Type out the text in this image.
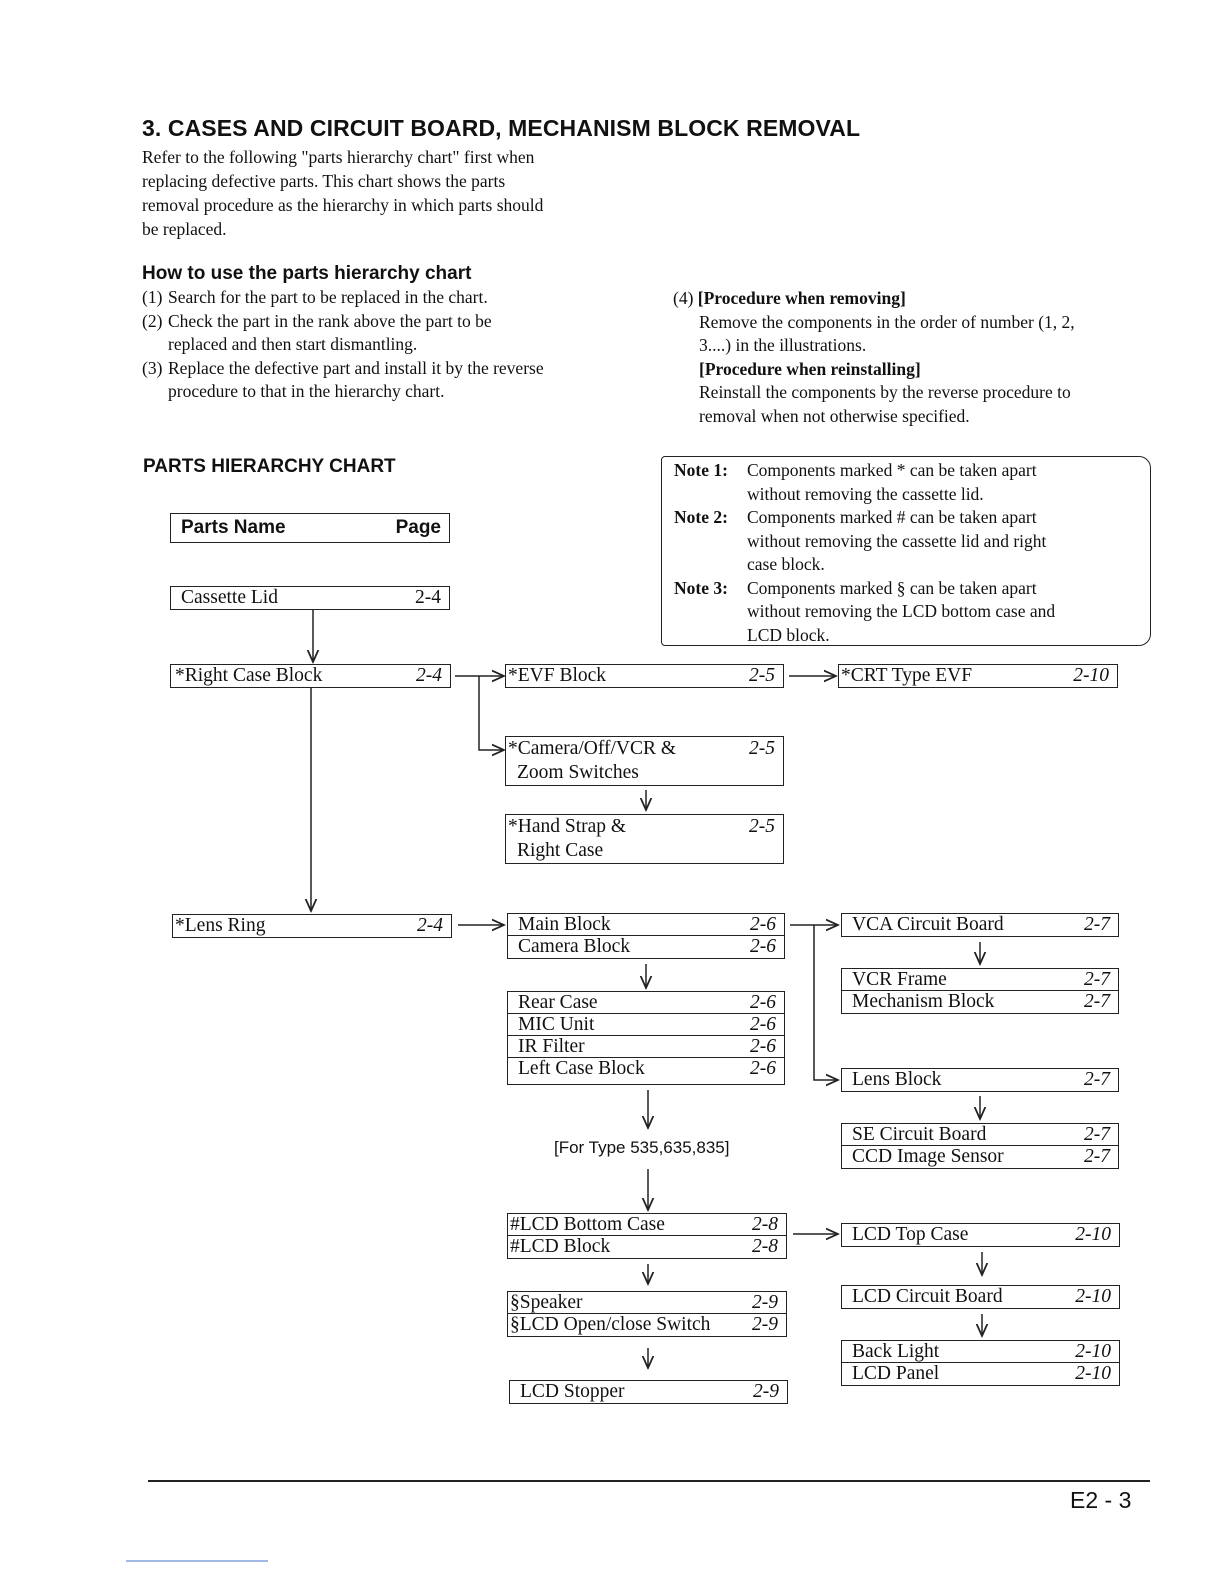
3. CASES AND CIRCUIT BOARD, MECHANISM BLOCK REMOVAL
Refer to the following "parts hierarchy chart" first when
replacing defective parts. This chart shows the parts
removal procedure as the hierarchy in which parts should
be replaced.
How to use the parts hierarchy chart
(1) Search for the part to be replaced in the chart.
(2) Check the part in the rank above the part to be
replaced and then start dismantling.
(3) Replace the defective part and install it by the reverse
procedure to that in the hierarchy chart.
(4) [Procedure when removing]
Remove the components in the order of number (1, 2,
3....) in the illustrations.
[Procedure when reinstalling]
Reinstall the components by the reverse procedure to
removal when not otherwise specified.
PARTS HIERARCHY CHART	Note 1:	Components marked * can be taken apart
without removing the cassette lid.
Note 2:	Components marked # can be taken apart
without removing the cassette lid and right
case block.
Note 3:	Components marked § can be taken apart
without removing the LCD bottom case and
LCD block.
Parts Name	Page
Cassette Lid	2-4
*Right Case Block	2-4	*EVF Block	2-5	*CRT Type EVF	2-10
*Camera/Off/VCR &	2-5
Zoom Switches
*Hand Strap &	2-5
Right Case
*Lens Ring	2-4	Main Block	2-6
Camera Block	2-6
Rear Case	2-6
MIC Unit	2-6
IR Filter	2-6
Left Case Block	2-6
[For Type 535,635,835]
#LCD Bottom Case	2-8
#LCD Block	2-8
§Speaker	2-9
§LCD Open/close Switch 2-9
LCD Stopper	2-9
VCA Circuit Board	2-7
VCR Frame	2-7
Mechanism Block	2-7
Lens Block	2-7
SE Circuit Board	2-7
CCD Image Sensor	2-7
LCD Top Case	2-10
LCD Circuit Board	2-10
Back Light	2-10
LCD Panel	2-10
E2 - 3
